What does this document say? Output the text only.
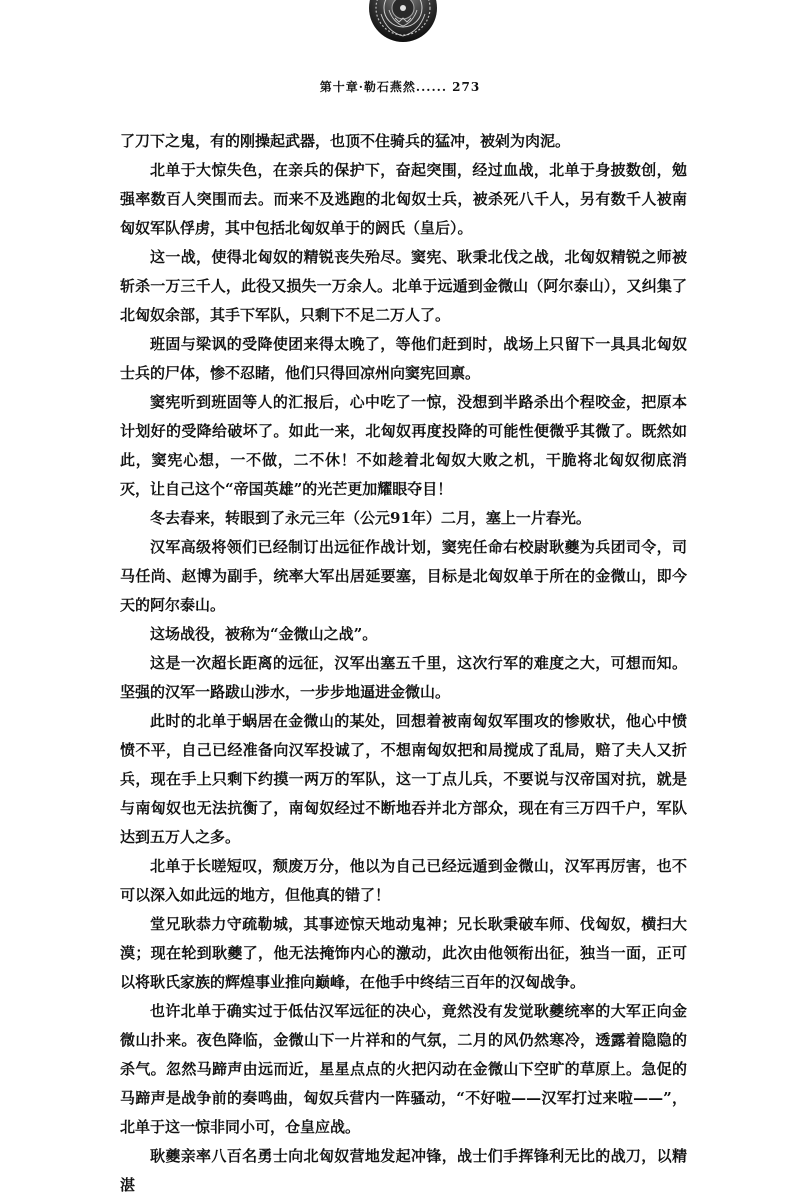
第十章·勒石燕然...... 273

了刀下之鬼，有的刚操起武器，也顶不住骑兵的猛冲，被剁为肉泥。

北单于大惊失色，在亲兵的保护下，奋起突围，经过血战，北单于身披数创，勉强率数百人突围而去。而来不及逃跑的北匈奴士兵，被杀死八千人，另有数千人被南匈奴军队俘虏，其中包括北匈奴单于的阏氏（皇后）。

这一战，使得北匈奴的精锐丧失殆尽。窦宪、耿秉北伐之战，北匈奴精锐之师被斩杀一万三千人，此役又损失一万余人。北单于远遁到金微山（阿尔泰山），又纠集了北匈奴余部，其手下军队，只剩下不足二万人了。

班固与梁讽的受降使团来得太晚了，等他们赶到时，战场上只留下一具具北匈奴士兵的尸体，惨不忍睹，他们只得回凉州向窦宪回禀。

窦宪听到班固等人的汇报后，心中吃了一惊，没想到半路杀出个程咬金，把原本计划好的受降给破坏了。如此一来，北匈奴再度投降的可能性便微乎其微了。既然如此，窦宪心想，一不做，二不休！不如趁着北匈奴大败之机，干脆将北匈奴彻底消灭，让自己这个“帝国英雄”的光芒更加耀眼夺目！

冬去春来，转眼到了永元三年（公元91年）二月，塞上一片春光。

汉军高级将领们已经制订出远征作战计划，窦宪任命右校尉耿夔为兵团司令，司马任尚、赵博为副手，统率大军出居延要塞，目标是北匈奴单于所在的金微山，即今天的阿尔泰山。

这场战役，被称为“金微山之战”。

这是一次超长距离的远征，汉军出塞五千里，这次行军的难度之大，可想而知。坚强的汉军一路跋山涉水，一步步地逼进金微山。

此时的北单于蜗居在金微山的某处，回想着被南匈奴军围攻的惨败状，他心中愤愤不平，自己已经准备向汉军投诚了，不想南匈奴把和局搅成了乱局，赔了夫人又折兵，现在手上只剩下约摸一两万的军队，这一丁点儿兵，不要说与汉帝国对抗，就是与南匈奴也无法抗衡了，南匈奴经过不断地吞并北方部众，现在有三万四千户，军队达到五万人之多。

北单于长嗟短叹，颓废万分，他以为自己已经远遁到金微山，汉军再厉害，也不可以深入如此远的地方，但他真的错了！

堂兄耿恭力守疏勒城，其事迹惊天地动鬼神；兄长耿秉破车师、伐匈奴，横扫大漠；现在轮到耿夔了，他无法掩饰内心的激动，此次由他领衔出征，独当一面，正可以将耿氏家族的辉煌事业推向巅峰，在他手中终结三百年的汉匈战争。

也许北单于确实过于低估汉军远征的决心，竟然没有发觉耿夔统率的大军正向金微山扑来。夜色降临，金微山下一片祥和的气氛，二月的风仍然寒冷，透露着隐隐的杀气。忽然马蹄声由远而近，星星点点的火把闪动在金微山下空旷的草原上。急促的马蹄声是战争前的奏鸣曲，匈奴兵营内一阵骚动，“不好啦——汉军打过来啦——”，北单于这一惊非同小可，仓皇应战。

耿夔亲率八百名勇士向北匈奴营地发起冲锋，战士们手挥锋利无比的战刀，以精湛
